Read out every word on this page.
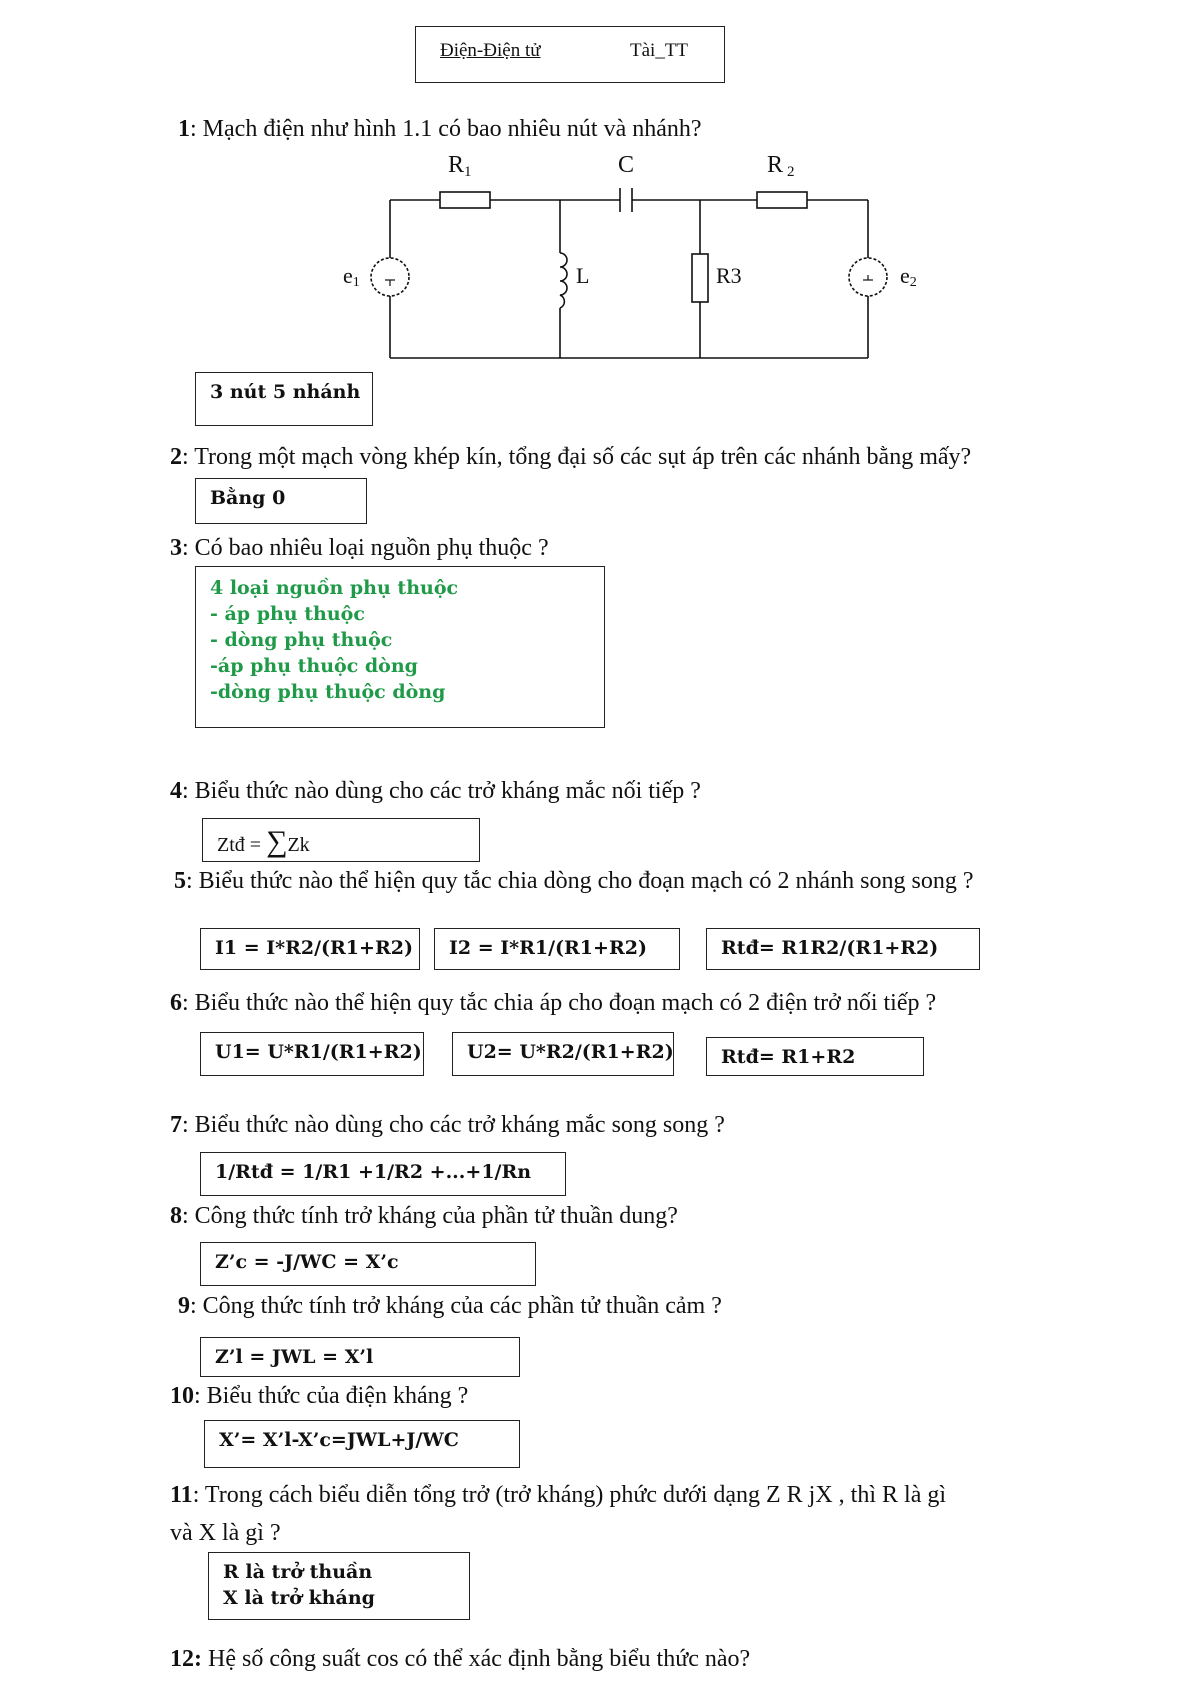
Điện-Điện tử	Tài_TT
1: Mạch điện như hình 1.1 có bao nhiêu nút và nhánh?
R1	C	R 2
L	R3
e1	e2
3 nút 5 nhánh
2: Trong một mạch vòng khép kín, tổng đại số các sụt áp trên các nhánh bằng mấy?
Bằng 0
3: Có bao nhiêu loại nguồn phụ thuộc ?
4 loại nguồn phụ thuộc
- áp phụ thuộc
- dòng phụ thuộc
-áp phụ thuộc dòng
-dòng phụ thuộc dòng
4: Biểu thức nào dùng cho các trở kháng mắc nối tiếp ?
Ztđ = ∑Zk
5: Biểu thức nào thể hiện quy tắc chia dòng cho đoạn mạch có 2 nhánh song song ?
I1 = I*R2/(R1+R2)	I2 = I*R1/(R1+R2)	Rtđ= R1R2/(R1+R2)
6: Biểu thức nào thể hiện quy tắc chia áp cho đoạn mạch có 2 điện trở nối tiếp ?
U1= U*R1/(R1+R2)	U2= U*R2/(R1+R2)	Rtđ= R1+R2
7: Biểu thức nào dùng cho các trở kháng mắc song song ?
1/Rtđ = 1/R1 +1/R2 +...+1/Rn
8: Công thức tính trở kháng của phần tử thuần dung?
Z’c = -J/WC = X’c
9: Công thức tính trở kháng của các phần tử thuần cảm ?
Z’l = JWL = X’l
10: Biểu thức của điện kháng ?
X’= X’l-X’c=JWL+J/WC
11: Trong cách biểu diễn tổng trở (trở kháng) phức dưới dạng Z R jX , thì R là gì
và X là gì ?
R là trở thuần
X là trở kháng
12: Hệ số công suất cos có thể xác định bằng biểu thức nào?
